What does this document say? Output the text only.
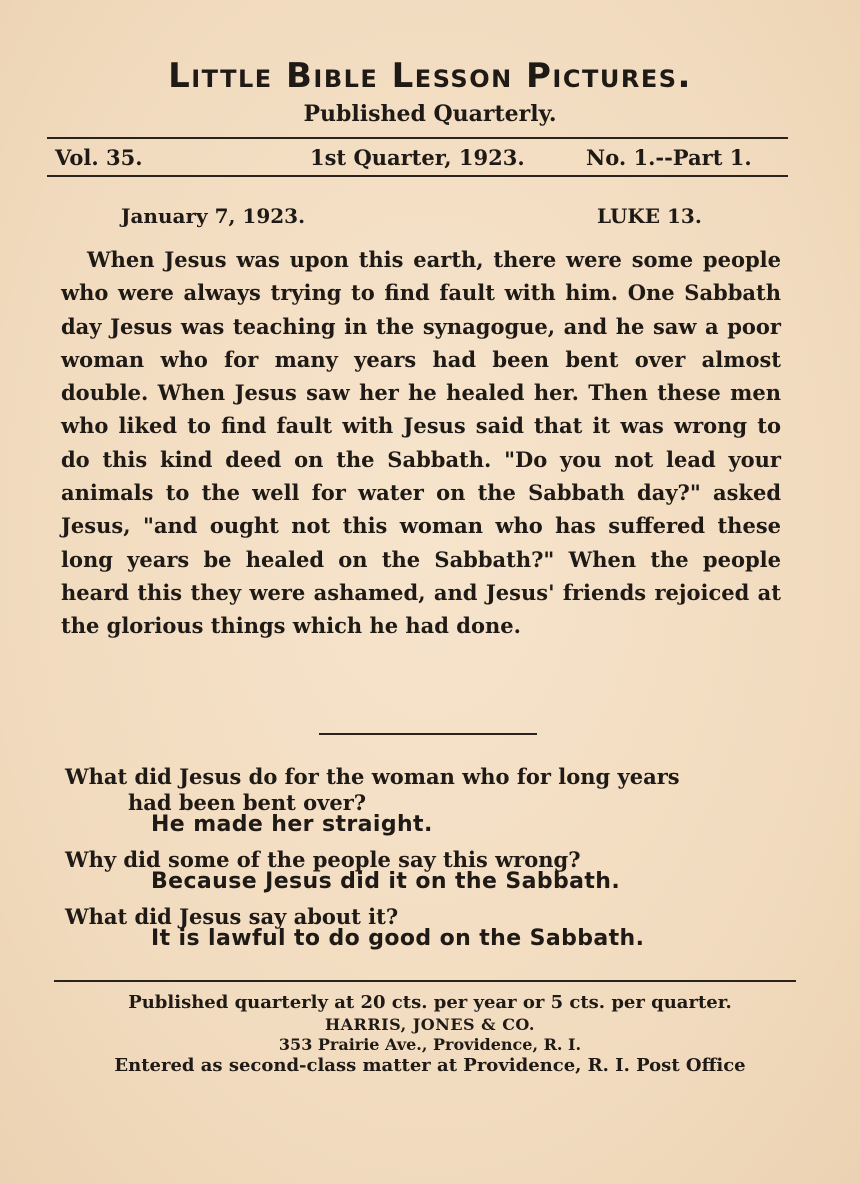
Little Bible Lesson Pictures.
Published Quarterly.
Vol. 35.	1st Quarter, 1923.	No. 1.--Part 1.
January 7, 1923.	LUKE 13.

When Jesus was upon this earth, there were some people who were always trying to find fault with him. One Sabbath day Jesus was teaching in the synagogue, and he saw a poor woman who for many years had been bent over almost double. When Jesus saw her he healed her. Then these men who liked to find fault with Jesus said that it was wrong to do this kind deed on the Sabbath. "Do you not lead your animals to the well for water on the Sabbath day?" asked Jesus, "and ought not this woman who has suffered these long years be healed on the Sabbath?" When the people heard this they were ashamed, and Jesus' friends rejoiced at the glorious things which he had done.

What did Jesus do for the woman who for long years
had been bent over?
He made her straight.
Why did some of the people say this wrong?
Because Jesus did it on the Sabbath.
What did Jesus say about it?
It is lawful to do good on the Sabbath.
Published quarterly at 20 cts. per year or 5 cts. per quarter.
HARRIS, JONES & CO.
353 Prairie Ave., Providence, R. I.
Entered as second-class matter at Providence, R. I. Post Office
